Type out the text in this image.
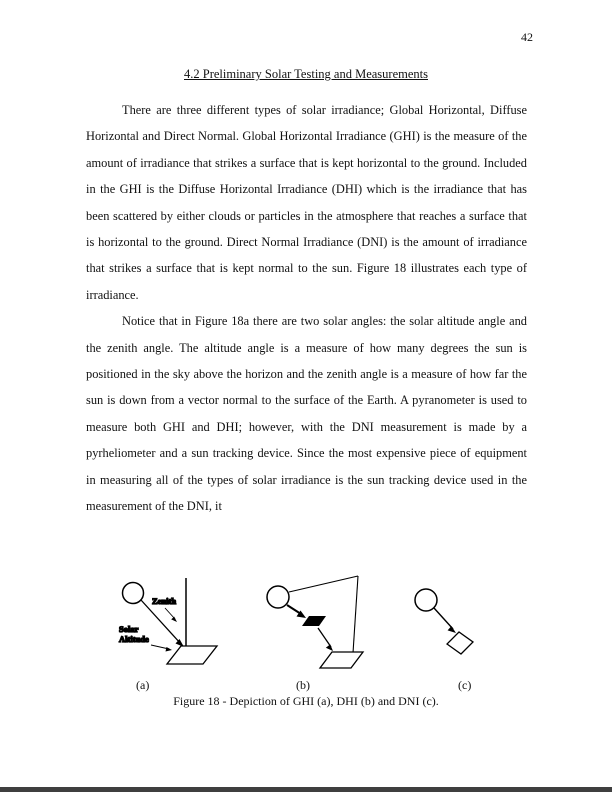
42
4.2 Preliminary Solar Testing and Measurements

There are three different types of solar irradiance; Global Horizontal, Diffuse Horizontal and Direct Normal. Global Horizontal Irradiance (GHI) is the measure of the amount of irradiance that strikes a surface that is kept horizontal to the ground. Included in the GHI is the Diffuse Horizontal Irradiance (DHI) which is the irradiance that has been scattered by either clouds or particles in the atmosphere that reaches a surface that is horizontal to the ground. Direct Normal Irradiance (DNI) is the amount of irradiance that strikes a surface that is kept normal to the sun. Figure 18 illustrates each type of irradiance.

Notice that in Figure 18a there are two solar angles: the solar altitude angle and the zenith angle. The altitude angle is a measure of how many degrees the sun is positioned in the sky above the horizon and the zenith angle is a measure of how far the sun is down from a vector normal to the surface of the Earth. A pyranometer is used to measure both GHI and DHI; however, with the DNI measurement is made by a pyrheliometer and a sun tracking device. Since the most expensive piece of equipment in measuring all of the types of solar irradiance is the sun tracking device used in the measurement of the DNI, it

Zenith
Solar
Altitude
(a)	(b)	(c)
Figure 18 - Depiction of GHI (a), DHI (b) and DNI (c).
